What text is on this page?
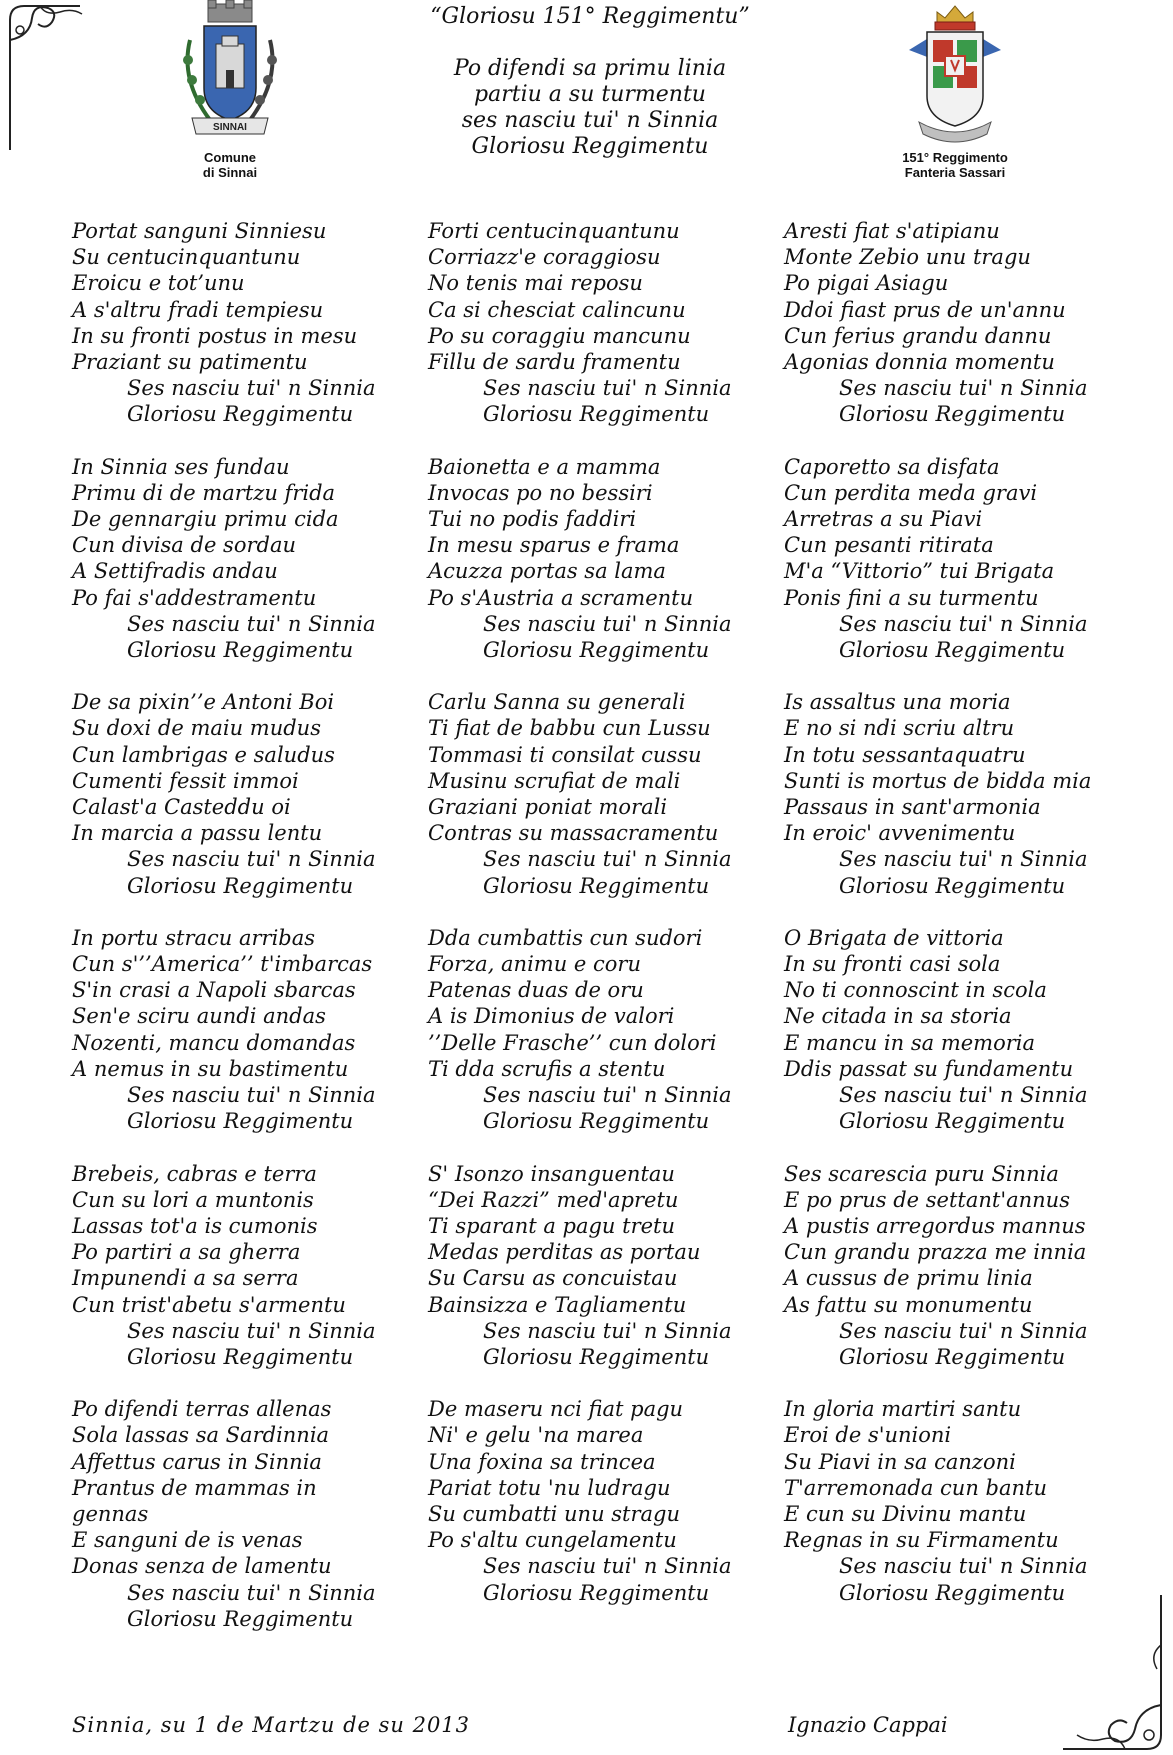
SINNAI
Comune
di Sinnai
151° Reggimento
Fanteria Sassari
“Gloriosu 151° Reggimentu”
Po difendi sa primu linia
partiu a su turmentu
ses nasciu tui' n Sinnia
Gloriosu Reggimentu
Portat sanguni Sinniesu
Su centucinquantunu
Eroicu e tot’unu
A s'altru fradi tempiesu
In su fronti postus in mesu
Praziant su patimentu
Ses nasciu tui' n Sinnia
Gloriosu Reggimentu
In Sinnia ses fundau
Primu di de martzu frida
De gennargiu primu cida
Cun divisa de sordau
A Settifradis andau
Po fai s'addestramentu
Ses nasciu tui' n Sinnia
Gloriosu Reggimentu
De sa pixin’’e Antoni Boi
Su doxi de maiu mudus
Cun lambrigas e saludus
Cumenti fessit immoi
Calast'a Casteddu oi
In marcia a passu lentu
Ses nasciu tui' n Sinnia
Gloriosu Reggimentu
In portu stracu arribas
Cun s'’’America’’ t'imbarcas
S'in crasi a Napoli sbarcas
Sen'e sciru aundi andas
Nozenti, mancu domandas
A nemus in su bastimentu
Ses nasciu tui' n Sinnia
Gloriosu Reggimentu
Brebeis, cabras e terra
Cun su lori a muntonis
Lassas tot'a is cumonis
Po partiri a sa gherra
Impunendi a sa serra
Cun trist'abetu s'armentu
Ses nasciu tui' n Sinnia
Gloriosu Reggimentu
Po difendi terras allenas
Sola lassas sa Sardinnia
Affettus carus in Sinnia
Prantus de mammas in
gennas
E sanguni de is venas
Donas senza de lamentu
Ses nasciu tui' n Sinnia
Gloriosu Reggimentu
Forti centucinquantunu
Corriazz'e coraggiosu
No tenis mai reposu
Ca si chesciat calincunu
Po su coraggiu mancunu
Fillu de sardu framentu
Ses nasciu tui' n Sinnia
Gloriosu Reggimentu
Baionetta e a mamma
Invocas po no bessiri
Tui no podis faddiri
In mesu sparus e frama
Acuzza portas sa lama
Po s'Austria a scramentu
Ses nasciu tui' n Sinnia
Gloriosu Reggimentu
Carlu Sanna su generali
Ti fiat de babbu cun Lussu
Tommasi ti consilat cussu
Musinu scrufiat de mali
Graziani poniat morali
Contras su massacramentu
Ses nasciu tui' n Sinnia
Gloriosu Reggimentu
Dda cumbattis cun sudori
Forza, animu e coru
Patenas duas de oru
A is Dimonius de valori
’’Delle Frasche’’ cun dolori
Ti dda scrufis a stentu
Ses nasciu tui' n Sinnia
Gloriosu Reggimentu
S' Isonzo insanguentau
“Dei Razzi” med'apretu
Ti sparant a pagu tretu
Medas perditas as portau
Su Carsu as concuistau
Bainsizza e Tagliamentu
Ses nasciu tui' n Sinnia
Gloriosu Reggimentu
De maseru nci fiat pagu
Ni' e gelu 'na marea
Una foxina sa trincea
Pariat totu 'nu ludragu
Su cumbatti unu stragu
Po s'altu cungelamentu
Ses nasciu tui' n Sinnia
Gloriosu Reggimentu
Aresti fiat s'atipianu
Monte Zebio unu tragu
Po pigai Asiagu
Ddoi fiast prus de un'annu
Cun ferius grandu dannu
Agonias donnia momentu
Ses nasciu tui' n Sinnia
Gloriosu Reggimentu
Caporetto sa disfata
Cun perdita meda gravi
Arretras a su Piavi
Cun pesanti ritirata
M'a “Vittorio” tui Brigata
Ponis fini a su turmentu
Ses nasciu tui' n Sinnia
Gloriosu Reggimentu
Is assaltus una moria
E no si ndi scriu altru
In totu sessantaquatru
Sunti is mortus de bidda mia
Passaus in sant'armonia
In eroic' avvenimentu
Ses nasciu tui' n Sinnia
Gloriosu Reggimentu
O Brigata de vittoria
In su fronti casi sola
No ti connoscint in scola
Ne citada in sa storia
E mancu in sa memoria
Ddis passat su fundamentu
Ses nasciu tui' n Sinnia
Gloriosu Reggimentu
Ses scarescia puru Sinnia
E po prus de settant'annus
A pustis arregordus mannus
Cun grandu prazza me innia
A cussus de primu linia
As fattu su monumentu
Ses nasciu tui' n Sinnia
Gloriosu Reggimentu
In gloria martiri santu
Eroi de s'unioni
Su Piavi in sa canzoni
T'arremonada cun bantu
E cun su Divinu mantu
Regnas in su Firmamentu
Ses nasciu tui' n Sinnia
Gloriosu Reggimentu
Sinnia, su 1 de Martzu de su 2013	Ignazio Cappai
